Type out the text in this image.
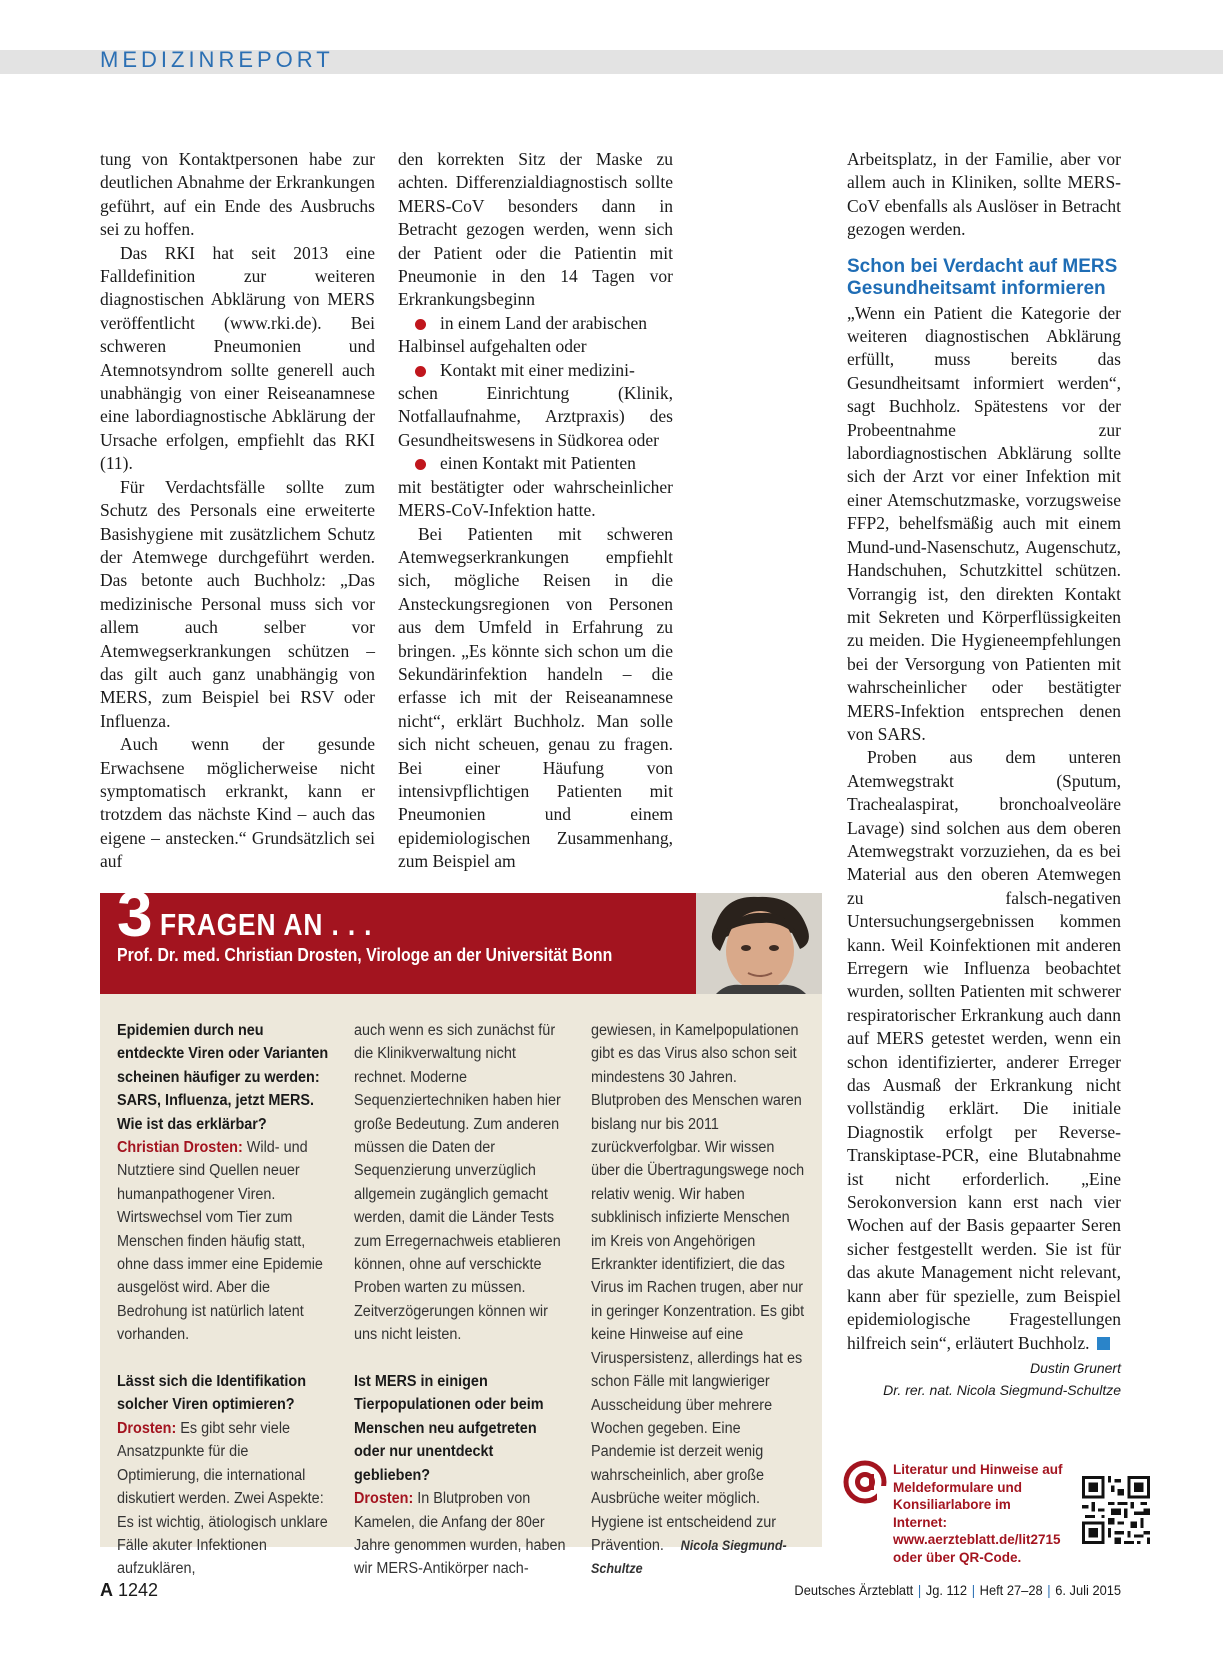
MEDIZINREPORT

tung von Kontaktpersonen habe zur deutlichen Abnahme der Erkrankungen geführt, auf ein Ende des Ausbruchs sei zu hoffen.

Das RKI hat seit 2013 eine Falldefinition zur weiteren diagnostischen Abklärung von MERS veröffentlicht (www.rki.de). Bei schweren Pneumonien und Atemnotsyndrom sollte generell auch unabhängig von einer Reiseanamnese eine labordiagnostische Abklärung der Ursache erfolgen, empfiehlt das RKI (11).

Für Verdachtsfälle sollte zum Schutz des Personals eine erweiterte Basishygiene mit zusätzlichem Schutz der Atemwege durchgeführt werden. Das betonte auch Buchholz: „Das medizinische Personal muss sich vor allem auch selber vor Atemwegserkrankungen schützen – das gilt auch ganz unabhängig von MERS, zum Beispiel bei RSV oder Influenza.

Auch wenn der gesunde Erwachsene möglicherweise nicht symptomatisch erkrankt, kann er trotzdem das nächste Kind – auch das eigene – anstecken.“ Grundsätzlich sei auf

den korrekten Sitz der Maske zu achten. Differenzialdiagnostisch sollte MERS-CoV besonders dann in Betracht gezogen werden, wenn sich der Patient oder die Patientin mit Pneumonie in den 14 Tagen vor Erkrankungsbeginn

in einem Land der arabischen

Halbinsel aufgehalten oder

Kontakt mit einer medizini-

schen Einrichtung (Klinik, Notfallaufnahme, Arztpraxis) des Gesundheitswesens in Südkorea oder

einen Kontakt mit Patienten

mit bestätigter oder wahrscheinlicher MERS-CoV-Infektion hatte.

Bei Patienten mit schweren Atemwegserkrankungen empfiehlt sich, mögliche Reisen in die Ansteckungsregionen von Personen aus dem Umfeld in Erfahrung zu bringen. „Es könnte sich schon um die Sekundärinfektion handeln – die erfasse ich mit der Reiseanamnese nicht“, erklärt Buchholz. Man solle sich nicht scheuen, genau zu fragen. Bei einer Häufung von intensivpflichtigen Patienten mit Pneumonien und einem epidemiologischen Zusammenhang, zum Beispiel am

Arbeitsplatz, in der Familie, aber vor allem auch in Kliniken, sollte MERS-CoV ebenfalls als Auslöser in Betracht gezogen werden.

Schon bei Verdacht auf MERS
Gesundheitsamt informieren

„Wenn ein Patient die Kategorie der weiteren diagnostischen Abklärung erfüllt, muss bereits das Gesundheitsamt informiert werden“, sagt Buchholz. Spätestens vor der Probeentnahme zur labordiagnostischen Abklärung sollte sich der Arzt vor einer Infektion mit einer Atemschutzmaske, vorzugsweise FFP2, behelfsmäßig auch mit einem Mund-und-Nasenschutz, Augenschutz, Handschuhen, Schutzkittel schützen. Vorrangig ist, den direkten Kontakt mit Sekreten und Körperflüssigkeiten zu meiden. Die Hygieneempfehlungen bei der Versorgung von Patienten mit wahrscheinlicher oder bestätigter MERS-Infektion entsprechen denen von SARS.

Proben aus dem unteren Atemwegstrakt (Sputum, Trachealaspirat, bronchoalveoläre Lavage) sind solchen aus dem oberen Atemwegstrakt vorzuziehen, da es bei Material aus den oberen Atemwegen zu falsch-negativen Untersuchungsergebnissen kommen kann. Weil Koinfektionen mit anderen Erregern wie Influenza beobachtet wurden, sollten Patienten mit schwerer respiratorischer Erkrankung auch dann auf MERS getestet werden, wenn ein schon identifizierter, anderer Erreger das Ausmaß der Erkrankung nicht vollständig erklärt. Die initiale Diagnostik erfolgt per Reverse-Transkiptase-PCR, eine Blutabnahme ist nicht erforderlich. „Eine Serokonversion kann erst nach vier Wochen auf der Basis gepaarter Seren sicher festgestellt werden. Sie ist für das akute Management nicht relevant, kann aber für spezielle, zum Beispiel epidemiologische Fragestellungen hilfreich sein“, erläutert Buchholz.

Dustin Grunert
Dr. rer. nat. Nicola Siegmund-Schultze
3 FRAGEN AN . . .
Prof. Dr. med. Christian Drosten, Virologe an der Universität Bonn

Epidemien durch neu entdeckte Viren oder Varianten scheinen häufiger zu werden: SARS, Influenza, jetzt MERS. Wie ist das erklärbar?

Christian Drosten: Wild- und Nutztiere sind Quellen neuer humanpathogener Viren. Wirtswechsel vom Tier zum Menschen finden häufig statt, ohne dass immer eine Epidemie ausgelöst wird. Aber die Bedrohung ist natürlich latent vorhanden.

Lässt sich die Identifikation solcher Viren optimieren?

Drosten: Es gibt sehr viele Ansatzpunkte für die Optimierung, die international diskutiert werden. Zwei Aspekte: Es ist wichtig, ätiologisch unklare Fälle akuter Infektionen aufzuklären,

auch wenn es sich zunächst für die Klinikverwaltung nicht rechnet. Moderne Sequenziertechniken haben hier große Bedeutung. Zum anderen müssen die Daten der Sequenzierung unverzüglich allgemein zugänglich gemacht werden, damit die Länder Tests zum Erregernachweis etablieren können, ohne auf verschickte Proben warten zu müssen. Zeitverzögerungen können wir uns nicht leisten.

Ist MERS in einigen Tierpopulationen oder beim Menschen neu aufgetreten oder nur unentdeckt geblieben?

Drosten: In Blutproben von Kamelen, die Anfang der 80er Jahre genommen wurden, haben wir MERS-Antikörper nach-

gewiesen, in Kamelpopulationen gibt es das Virus also schon seit mindestens 30 Jahren. Blutproben des Menschen waren bislang nur bis 2011 zurückverfolgbar. Wir wissen über die Übertragungswege noch relativ wenig. Wir haben subklinisch infizierte Menschen im Kreis von Angehörigen Erkrankter identifiziert, die das Virus im Rachen trugen, aber nur in geringer Konzentration. Es gibt keine Hinweise auf eine Viruspersistenz, allerdings hat es schon Fälle mit langwieriger Ausscheidung über mehrere Wochen gegeben. Eine Pandemie ist derzeit wenig wahrscheinlich, aber große Ausbrüche weiter möglich. Hygiene ist entscheidend zur Prävention. Nicola Siegmund-Schultze

Literatur und Hinweise auf
Meldeformulare und
Konsiliarlabore im Internet:
www.aerzteblatt.de/lit2715
oder über QR-Code.
A 1242	Deutsches Ärzteblatt | Jg. 112 | Heft 27–28 | 6. Juli 2015
